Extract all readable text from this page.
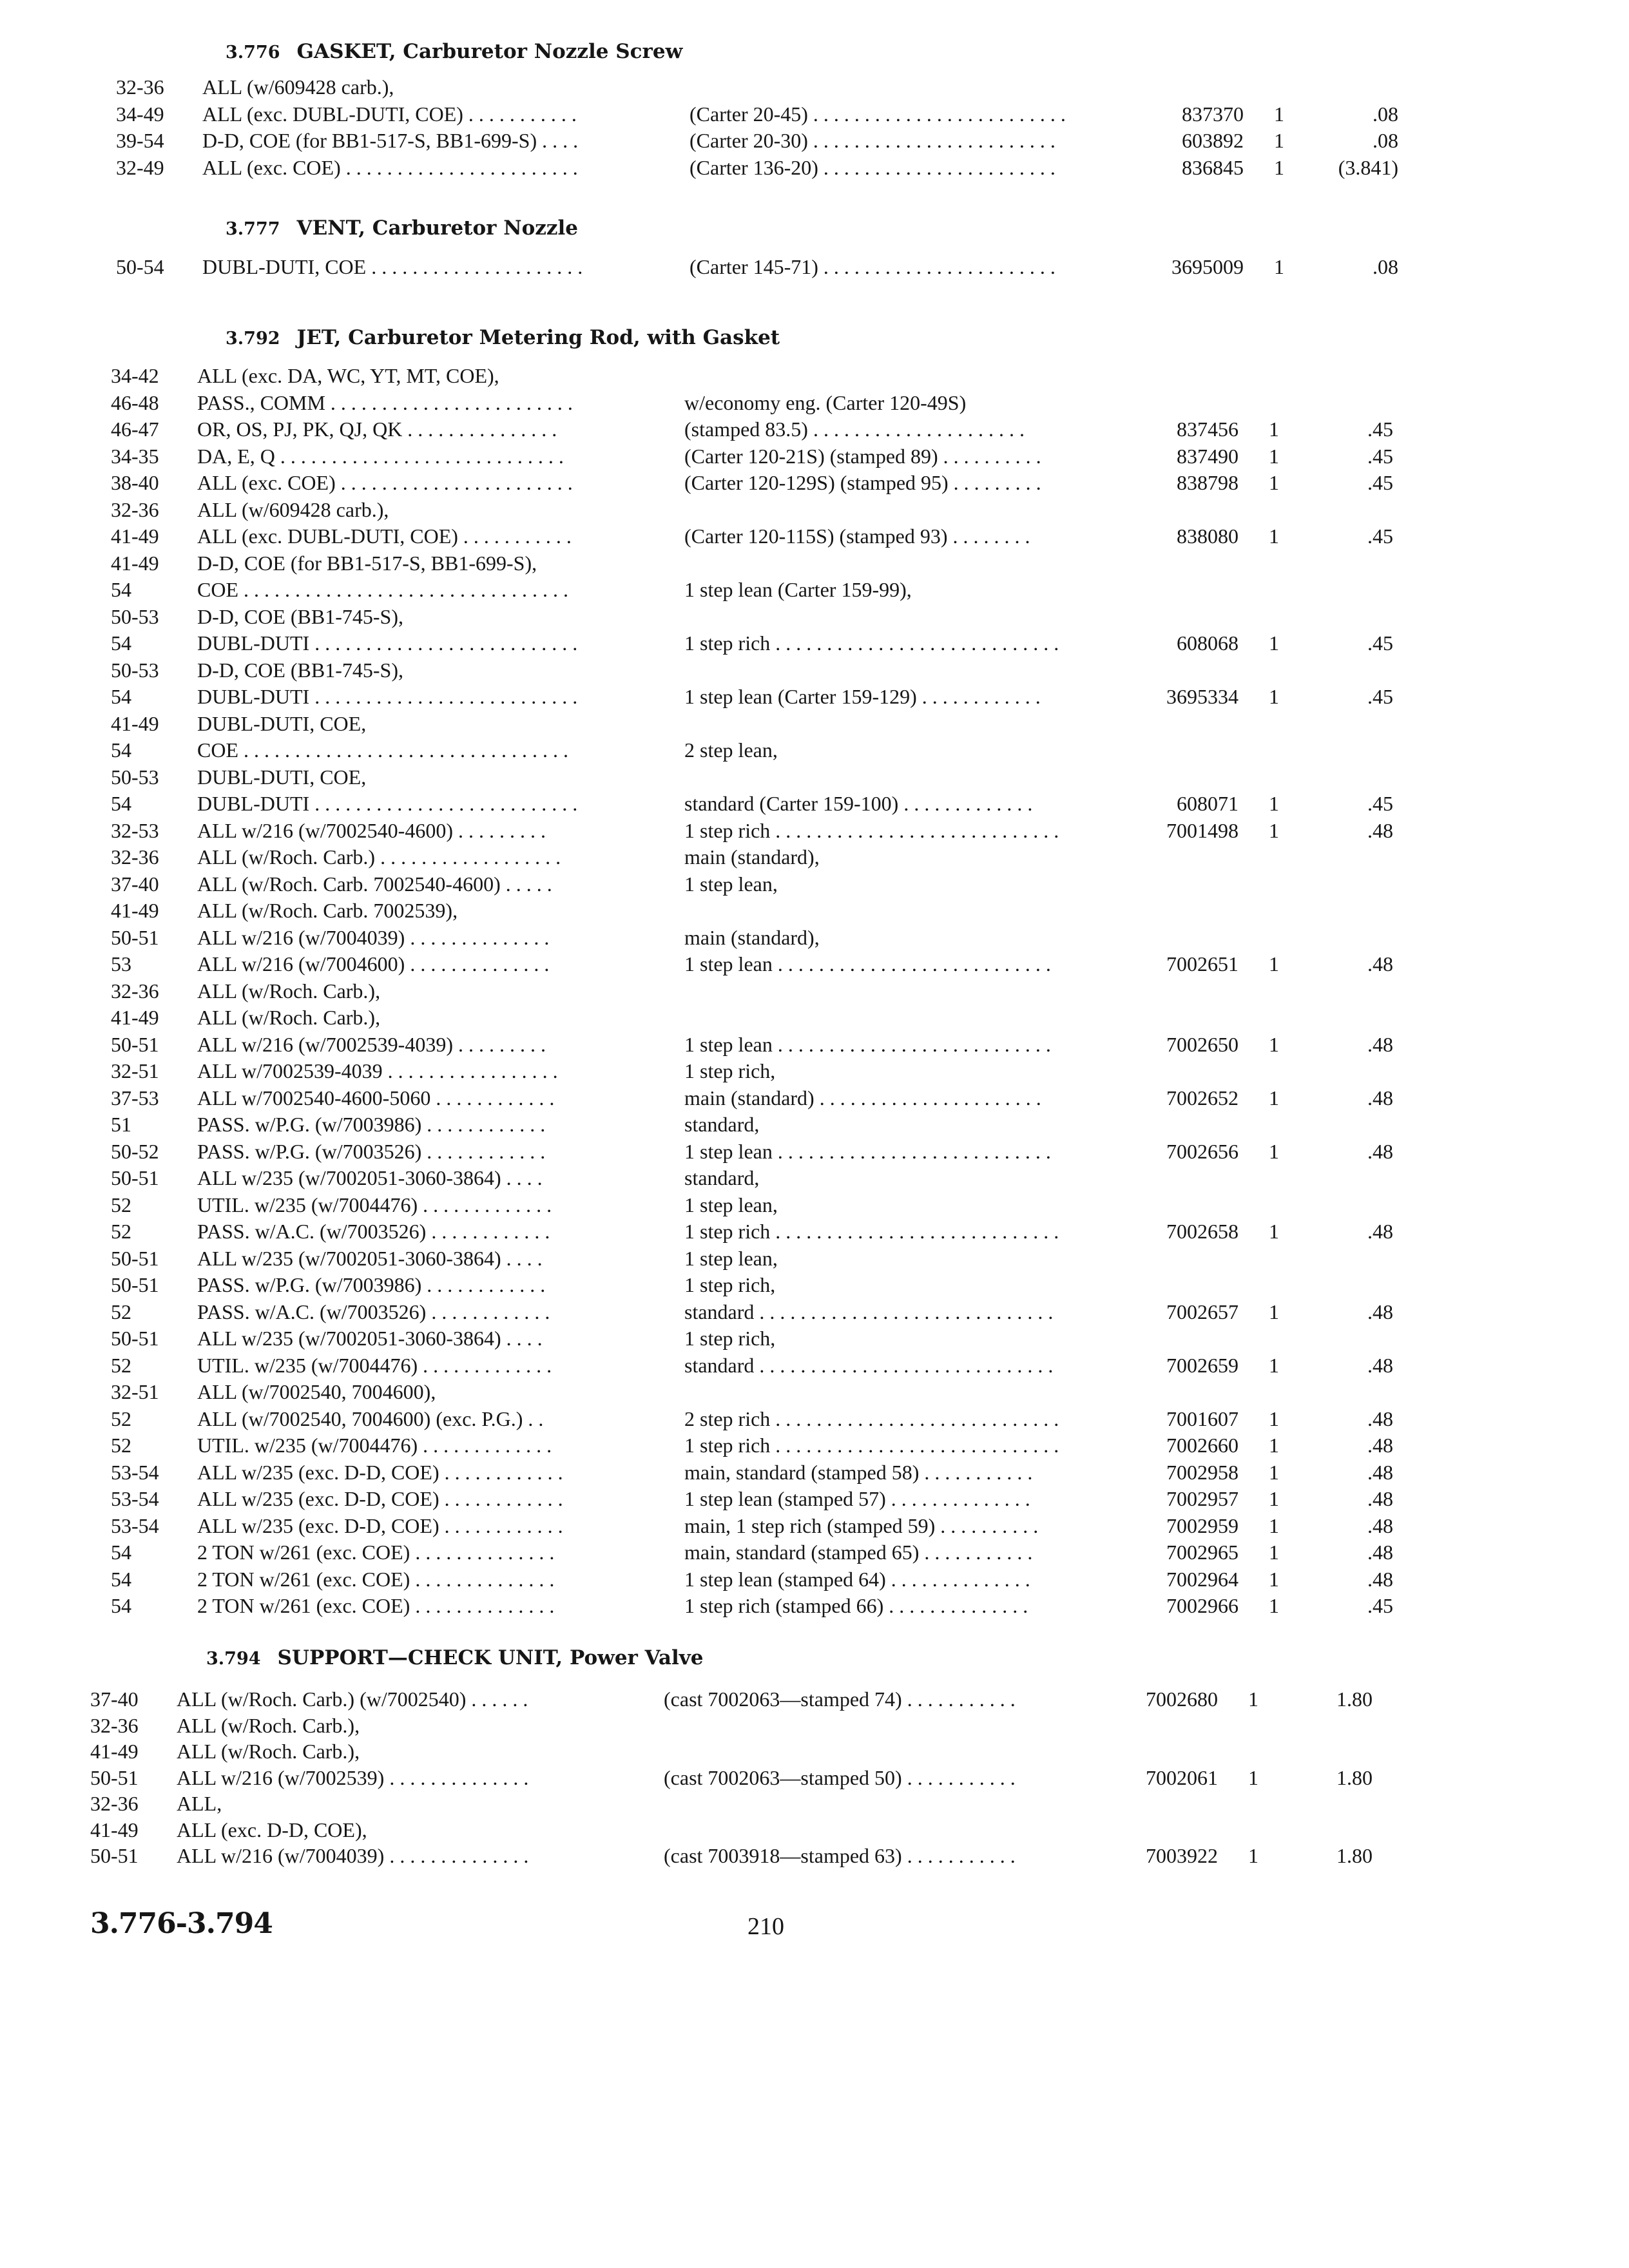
3.776 GASKET, Carburetor Nozzle Screw
32-36	ALL (w/609428 carb.),
34-49	ALL (exc. DUBL-DUTI, COE) . . . . . . . . . . .	(Carter 20-45) . . . . . . . . . . . . . . . . . . . . . . . . .	837370 1	.08
39-54	D-D, COE (for BB1-517-S, BB1-699-S) . . . .	(Carter 20-30) . . . . . . . . . . . . . . . . . . . . . . . .	603892 1	.08
32-49	ALL (exc. COE) . . . . . . . . . . . . . . . . . . . . . . .	(Carter 136-20) . . . . . . . . . . . . . . . . . . . . . . .	836845 1	(3.841)
3.777 VENT, Carburetor Nozzle
50-54	DUBL-DUTI, COE . . . . . . . . . . . . . . . . . . . . .	(Carter 145-71) . . . . . . . . . . . . . . . . . . . . . . .	3695009 1	.08
3.792 JET, Carburetor Metering Rod, with Gasket
34-42	ALL (exc. DA, WC, YT, MT, COE),
46-48	PASS., COMM . . . . . . . . . . . . . . . . . . . . . . . .	w/economy eng. (Carter 120-49S)
46-47	OR, OS, PJ, PK, QJ, QK . . . . . . . . . . . . . . .	(stamped 83.5) . . . . . . . . . . . . . . . . . . . . .	837456 1	.45
34-35	DA, E, Q . . . . . . . . . . . . . . . . . . . . . . . . . . . .	(Carter 120-21S) (stamped 89) . . . . . . . . . .	837490 1	.45
38-40	ALL (exc. COE) . . . . . . . . . . . . . . . . . . . . . . .	(Carter 120-129S) (stamped 95) . . . . . . . . .	838798 1	.45
32-36	ALL (w/609428 carb.),
41-49	ALL (exc. DUBL-DUTI, COE) . . . . . . . . . . .	(Carter 120-115S) (stamped 93) . . . . . . . .	838080 1	.45
41-49	D-D, COE (for BB1-517-S, BB1-699-S),
54	COE . . . . . . . . . . . . . . . . . . . . . . . . . . . . . . . .	1 step lean (Carter 159-99),
50-53	D-D, COE (BB1-745-S),
54	DUBL-DUTI . . . . . . . . . . . . . . . . . . . . . . . . . .	1 step rich . . . . . . . . . . . . . . . . . . . . . . . . . . . .	608068 1	.45
50-53	D-D, COE (BB1-745-S),
54	DUBL-DUTI . . . . . . . . . . . . . . . . . . . . . . . . . .	1 step lean (Carter 159-129) . . . . . . . . . . . .	3695334 1	.45
41-49	DUBL-DUTI, COE,
54	COE . . . . . . . . . . . . . . . . . . . . . . . . . . . . . . . .	2 step lean,
50-53	DUBL-DUTI, COE,
54	DUBL-DUTI . . . . . . . . . . . . . . . . . . . . . . . . . .	standard (Carter 159-100) . . . . . . . . . . . . .	608071 1	.45
32-53	ALL w/216 (w/7002540-4600) . . . . . . . . .	1 step rich . . . . . . . . . . . . . . . . . . . . . . . . . . . .	7001498 1	.48
32-36	ALL (w/Roch. Carb.) . . . . . . . . . . . . . . . . . .	main (standard),
37-40	ALL (w/Roch. Carb. 7002540-4600) . . . . .	1 step lean,
41-49	ALL (w/Roch. Carb. 7002539),
50-51	ALL w/216 (w/7004039) . . . . . . . . . . . . . .	main (standard),
53	ALL w/216 (w/7004600) . . . . . . . . . . . . . .	1 step lean . . . . . . . . . . . . . . . . . . . . . . . . . . .	7002651 1	.48
32-36	ALL (w/Roch. Carb.),
41-49	ALL (w/Roch. Carb.),
50-51	ALL w/216 (w/7002539-4039) . . . . . . . . .	1 step lean . . . . . . . . . . . . . . . . . . . . . . . . . . .	7002650 1	.48
32-51	ALL w/7002539-4039 . . . . . . . . . . . . . . . . .	1 step rich,
37-53	ALL w/7002540-4600-5060 . . . . . . . . . . . .	main (standard) . . . . . . . . . . . . . . . . . . . . . .	7002652 1	.48
51	PASS. w/P.G. (w/7003986) . . . . . . . . . . . .	standard,
50-52	PASS. w/P.G. (w/7003526) . . . . . . . . . . . .	1 step lean . . . . . . . . . . . . . . . . . . . . . . . . . . .	7002656 1	.48
50-51	ALL w/235 (w/7002051-3060-3864) . . . .	standard,
52	UTIL. w/235 (w/7004476) . . . . . . . . . . . . .	1 step lean,
52	PASS. w/A.C. (w/7003526) . . . . . . . . . . . .	1 step rich . . . . . . . . . . . . . . . . . . . . . . . . . . . .	7002658 1	.48
50-51	ALL w/235 (w/7002051-3060-3864) . . . .	1 step lean,
50-51	PASS. w/P.G. (w/7003986) . . . . . . . . . . . .	1 step rich,
52	PASS. w/A.C. (w/7003526) . . . . . . . . . . . .	standard . . . . . . . . . . . . . . . . . . . . . . . . . . . . .	7002657 1	.48
50-51	ALL w/235 (w/7002051-3060-3864) . . . .	1 step rich,
52	UTIL. w/235 (w/7004476) . . . . . . . . . . . . .	standard . . . . . . . . . . . . . . . . . . . . . . . . . . . . .	7002659 1	.48
32-51	ALL (w/7002540, 7004600),
52	ALL (w/7002540, 7004600) (exc. P.G.) . .	2 step rich . . . . . . . . . . . . . . . . . . . . . . . . . . . .	7001607 1	.48
52	UTIL. w/235 (w/7004476) . . . . . . . . . . . . .	1 step rich . . . . . . . . . . . . . . . . . . . . . . . . . . . .	7002660 1	.48
53-54	ALL w/235 (exc. D-D, COE) . . . . . . . . . . . .	main, standard (stamped 58) . . . . . . . . . . .	7002958 1	.48
53-54	ALL w/235 (exc. D-D, COE) . . . . . . . . . . . .	1 step lean (stamped 57) . . . . . . . . . . . . . .	7002957 1	.48
53-54	ALL w/235 (exc. D-D, COE) . . . . . . . . . . . .	main, 1 step rich (stamped 59) . . . . . . . . . .	7002959 1	.48
54	2 TON w/261 (exc. COE) . . . . . . . . . . . . . .	main, standard (stamped 65) . . . . . . . . . . .	7002965 1	.48
54	2 TON w/261 (exc. COE) . . . . . . . . . . . . . .	1 step lean (stamped 64) . . . . . . . . . . . . . .	7002964 1	.48
54	2 TON w/261 (exc. COE) . . . . . . . . . . . . . .	1 step rich (stamped 66) . . . . . . . . . . . . . .	7002966 1	.45
3.794 SUPPORT—CHECK UNIT, Power Valve
37-40	ALL (w/Roch. Carb.) (w/7002540) . . . . . .	(cast 7002063—stamped 74) . . . . . . . . . . .	7002680 1	1.80
32-36	ALL (w/Roch. Carb.),
41-49	ALL (w/Roch. Carb.),
50-51	ALL w/216 (w/7002539) . . . . . . . . . . . . . .	(cast 7002063—stamped 50) . . . . . . . . . . .	7002061 1	1.80
32-36	ALL,
41-49	ALL (exc. D-D, COE),
50-51	ALL w/216 (w/7004039) . . . . . . . . . . . . . .	(cast 7003918—stamped 63) . . . . . . . . . . .	7003922 1	1.80
3.776-3.794	210
